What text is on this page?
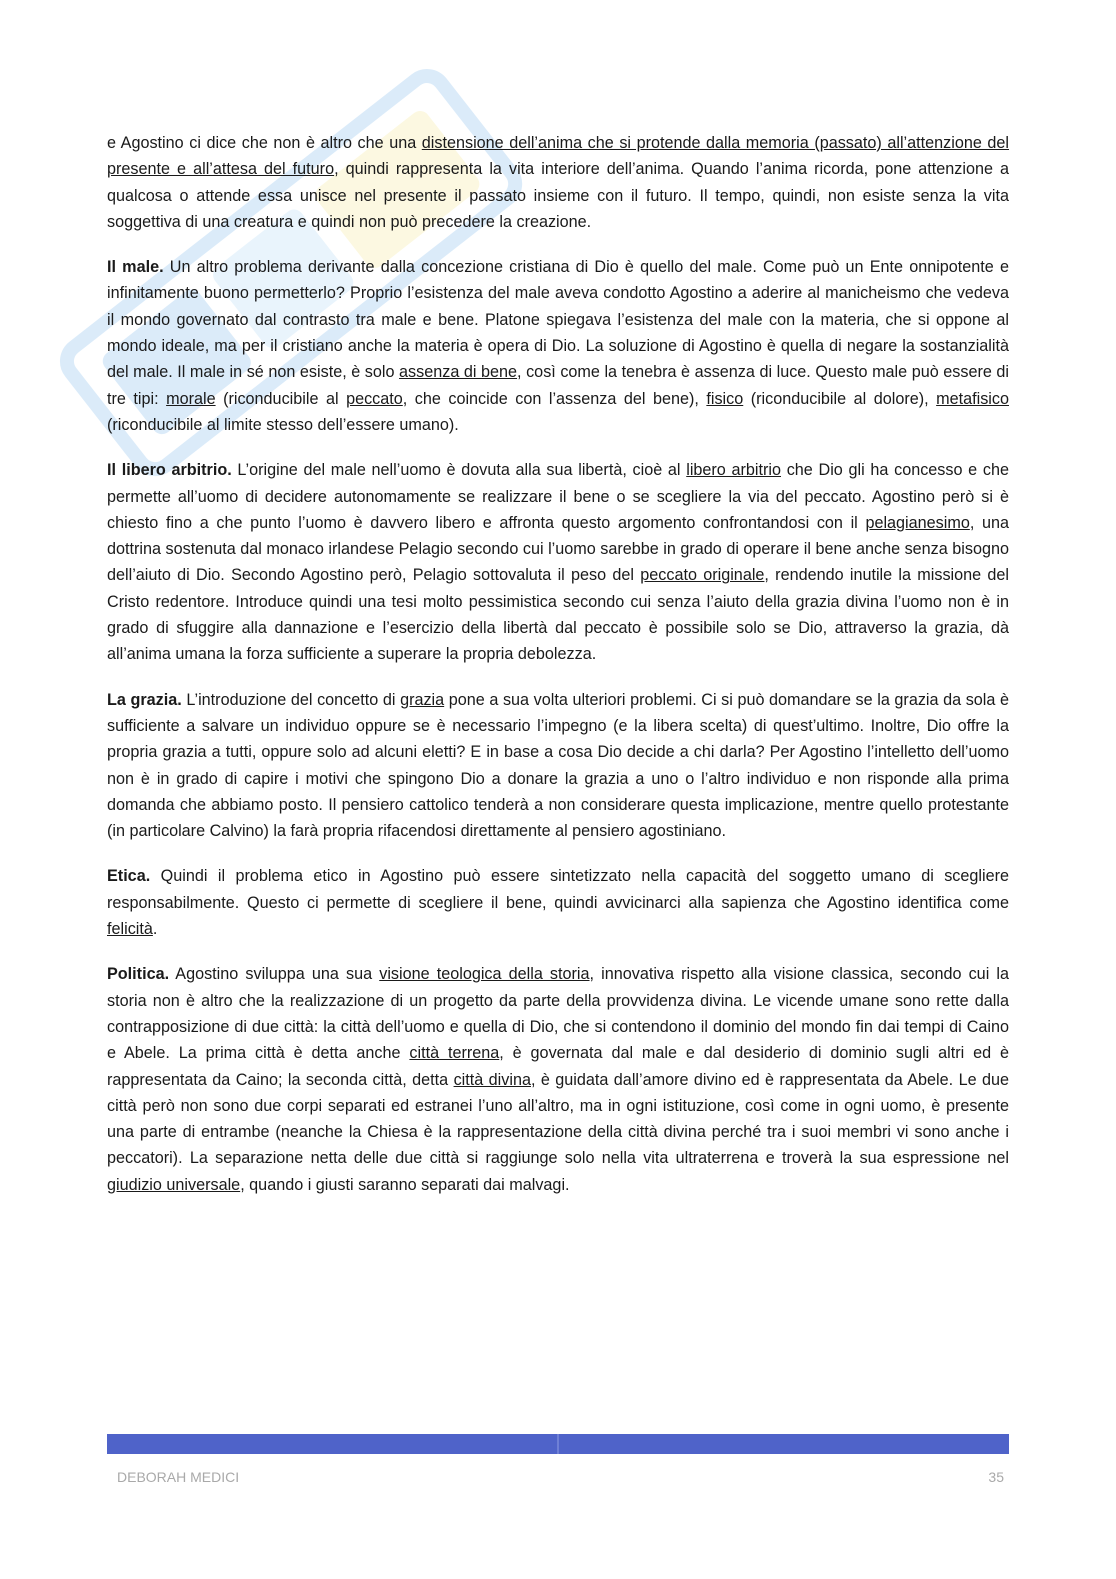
e Agostino ci dice che non è altro che una distensione dell’anima che si protende dalla memoria (passato) all’attenzione del presente e all’attesa del futuro, quindi rappresenta la vita interiore dell’anima. Quando l’anima ricorda, pone attenzione a qualcosa o attende essa unisce nel presente il passato insieme con il futuro. Il tempo, quindi, non esiste senza la vita soggettiva di una creatura e quindi non può precedere la creazione.

Il male. Un altro problema derivante dalla concezione cristiana di Dio è quello del male. Come può un Ente onnipotente e infinitamente buono permetterlo? Proprio l’esistenza del male aveva condotto Agostino a aderire al manicheismo che vedeva il mondo governato dal contrasto tra male e bene. Platone spiegava l’esistenza del male con la materia, che si oppone al mondo ideale, ma per il cristiano anche la materia è opera di Dio. La soluzione di Agostino è quella di negare la sostanzialità del male. Il male in sé non esiste, è solo assenza di bene, così come la tenebra è assenza di luce. Questo male può essere di tre tipi: morale (riconducibile al peccato, che coincide con l’assenza del bene), fisico (riconducibile al dolore), metafisico (riconducibile al limite stesso dell’essere umano).

Il libero arbitrio. L’origine del male nell’uomo è dovuta alla sua libertà, cioè al libero arbitrio che Dio gli ha concesso e che permette all’uomo di decidere autonomamente se realizzare il bene o se scegliere la via del peccato. Agostino però si è chiesto fino a che punto l’uomo è davvero libero e affronta questo argomento confrontandosi con il pelagianesimo, una dottrina sostenuta dal monaco irlandese Pelagio secondo cui l’uomo sarebbe in grado di operare il bene anche senza bisogno dell’aiuto di Dio. Secondo Agostino però, Pelagio sottovaluta il peso del peccato originale, rendendo inutile la missione del Cristo redentore. Introduce quindi una tesi molto pessimistica secondo cui senza l’aiuto della grazia divina l’uomo non è in grado di sfuggire alla dannazione e l’esercizio della libertà dal peccato è possibile solo se Dio, attraverso la grazia, dà all’anima umana la forza sufficiente a superare la propria debolezza.

La grazia. L’introduzione del concetto di grazia pone a sua volta ulteriori problemi. Ci si può domandare se la grazia da sola è sufficiente a salvare un individuo oppure se è necessario l’impegno (e la libera scelta) di quest’ultimo. Inoltre, Dio offre la propria grazia a tutti, oppure solo ad alcuni eletti? E in base a cosa Dio decide a chi darla? Per Agostino l’intelletto dell’uomo non è in grado di capire i motivi che spingono Dio a donare la grazia a uno o l’altro individuo e non risponde alla prima domanda che abbiamo posto. Il pensiero cattolico tenderà a non considerare questa implicazione, mentre quello protestante (in particolare Calvino) la farà propria rifacendosi direttamente al pensiero agostiniano.

Etica. Quindi il problema etico in Agostino può essere sintetizzato nella capacità del soggetto umano di scegliere responsabilmente. Questo ci permette di scegliere il bene, quindi avvicinarci alla sapienza che Agostino identifica come felicità.

Politica. Agostino sviluppa una sua visione teologica della storia, innovativa rispetto alla visione classica, secondo cui la storia non è altro che la realizzazione di un progetto da parte della provvidenza divina. Le vicende umane sono rette dalla contrapposizione di due città: la città dell’uomo e quella di Dio, che si contendono il dominio del mondo fin dai tempi di Caino e Abele. La prima città è detta anche città terrena, è governata dal male e dal desiderio di dominio sugli altri ed è rappresentata da Caino; la seconda città, detta città divina, è guidata dall’amore divino ed è rappresentata da Abele. Le due città però non sono due corpi separati ed estranei l’uno all’altro, ma in ogni istituzione, così come in ogni uomo, è presente una parte di entrambe (neanche la Chiesa è la rappresentazione della città divina perché tra i suoi membri vi sono anche i peccatori). La separazione netta delle due città si raggiunge solo nella vita ultraterrena e troverà la sua espressione nel giudizio universale, quando i giusti saranno separati dai malvagi.

DEBORAH MEDICI	35
